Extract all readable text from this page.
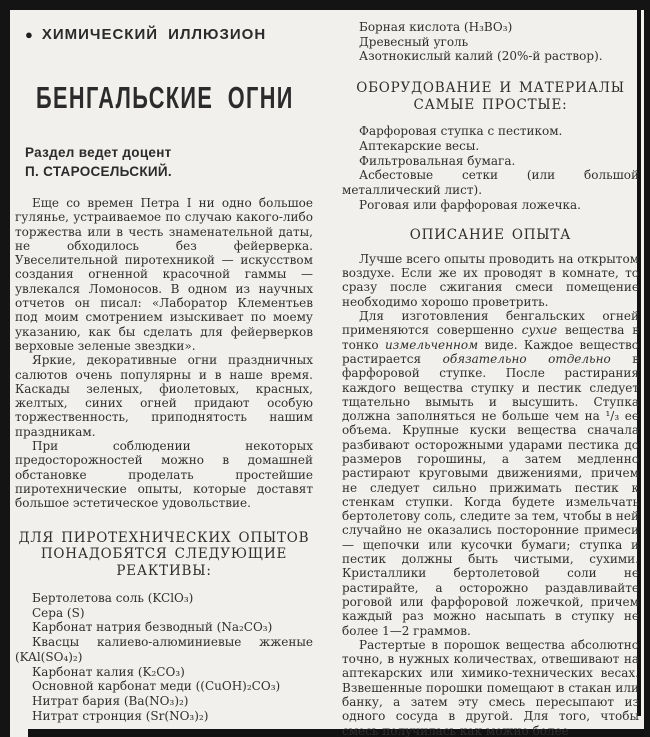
● ХИМИЧЕСКИЙ ИЛЛЮЗИОН
БЕНГАЛЬСКИЕ ОГНИ
Раздел ведет доцент
П. СТАРОСЕЛЬСКИЙ.

Еще со времен Петра I ни одно большое гулянье, устраиваемое по случаю какого-либо торжества или в честь знаменательной даты, не обходилось без фейерверка. Увеселительной пиротехникой — искусством создания огненной красочной гаммы — увлекался Ломоносов. В одном из научных отчетов он писал: «Лаборатор Клементьев под моим смотрением изыскивает по моему указанию, как бы сделать для фейерверков верховые зеленые звездки».

Яркие, декоративные огни праздничных салютов очень популярны и в наше время. Каскады зеленых, фиолетовых, красных, желтых, синих огней придают особую торжественность, приподнятость нашим праздникам.

При соблюдении некоторых предосторожностей можно в домашней обстановке проделать простейшие пиротехнические опыты, которые доставят большое эстетическое удовольствие.

ДЛЯ ПИРОТЕХНИЧЕСКИХ ОПЫТОВ
ПОНАДОБЯТСЯ СЛЕДУЮЩИЕ
РЕАКТИВЫ:

Бертолетова соль (KClO₃)

Сера (S)

Карбонат натрия безводный (Na₂CO₃)

Квасцы калиево-алюминиевые жженые (KAl(SO₄)₂)

Карбонат калия (K₂CO₃)

Основной карбонат меди ((CuOH)₂CO₃)

Нитрат бария (Ba(NO₃)₂)

Нитрат стронция (Sr(NO₃)₂)

Борная кислота (H₃BO₃)

Древесный уголь

Азотнокислый калий (20%-й раствор).

ОБОРУДОВАНИЕ И МАТЕРИАЛЫ
САМЫЕ ПРОСТЫЕ:

Фарфоровая ступка с пестиком.

Аптекарские весы.

Фильтровальная бумага.

Асбестовые сетки (или большой металлический лист).

Роговая или фарфоровая ложечка.

ОПИСАНИЕ ОПЫТА

Лучше всего опыты проводить на открытом воздухе. Если же их проводят в комнате, то сразу после сжигания смеси помещение необходимо хорошо проветрить.

Для изготовления бенгальских огней применяются совершенно сухие вещества в тонко измельченном виде. Каждое вещество растирается обязательно отдельно в фарфоровой ступке. После растирания каждого вещества ступку и пестик следует тщательно вымыть и высушить. Ступка должна заполняться не больше чем на ¹/₃ ее объема. Крупные куски вещества сначала разбивают осторожными ударами пестика до размеров горошины, а затем медленно растирают круговыми движениями, причем не следует сильно прижимать пестик к стенкам ступки. Когда будете измельчать бертолетову соль, следите за тем, чтобы в ней случайно не оказались посторонние примеси — щепочки или кусочки бумаги; ступка и пестик должны быть чистыми, сухими. Кристаллики бертолетовой соли не растирайте, а осторожно раздавливайте роговой или фарфоровой ложечкой, причем каждый раз можно насыпать в ступку не более 1—2 граммов.

Растертые в порошок вещества абсолютно точно, в нужных количествах, отвешивают на аптекарских или химико-технических весах. Взвешенные порошки помещают в стакан или банку, а затем эту смесь пересыпают из одного сосуда в другой. Для того, чтобы смесь получилась как можно более
